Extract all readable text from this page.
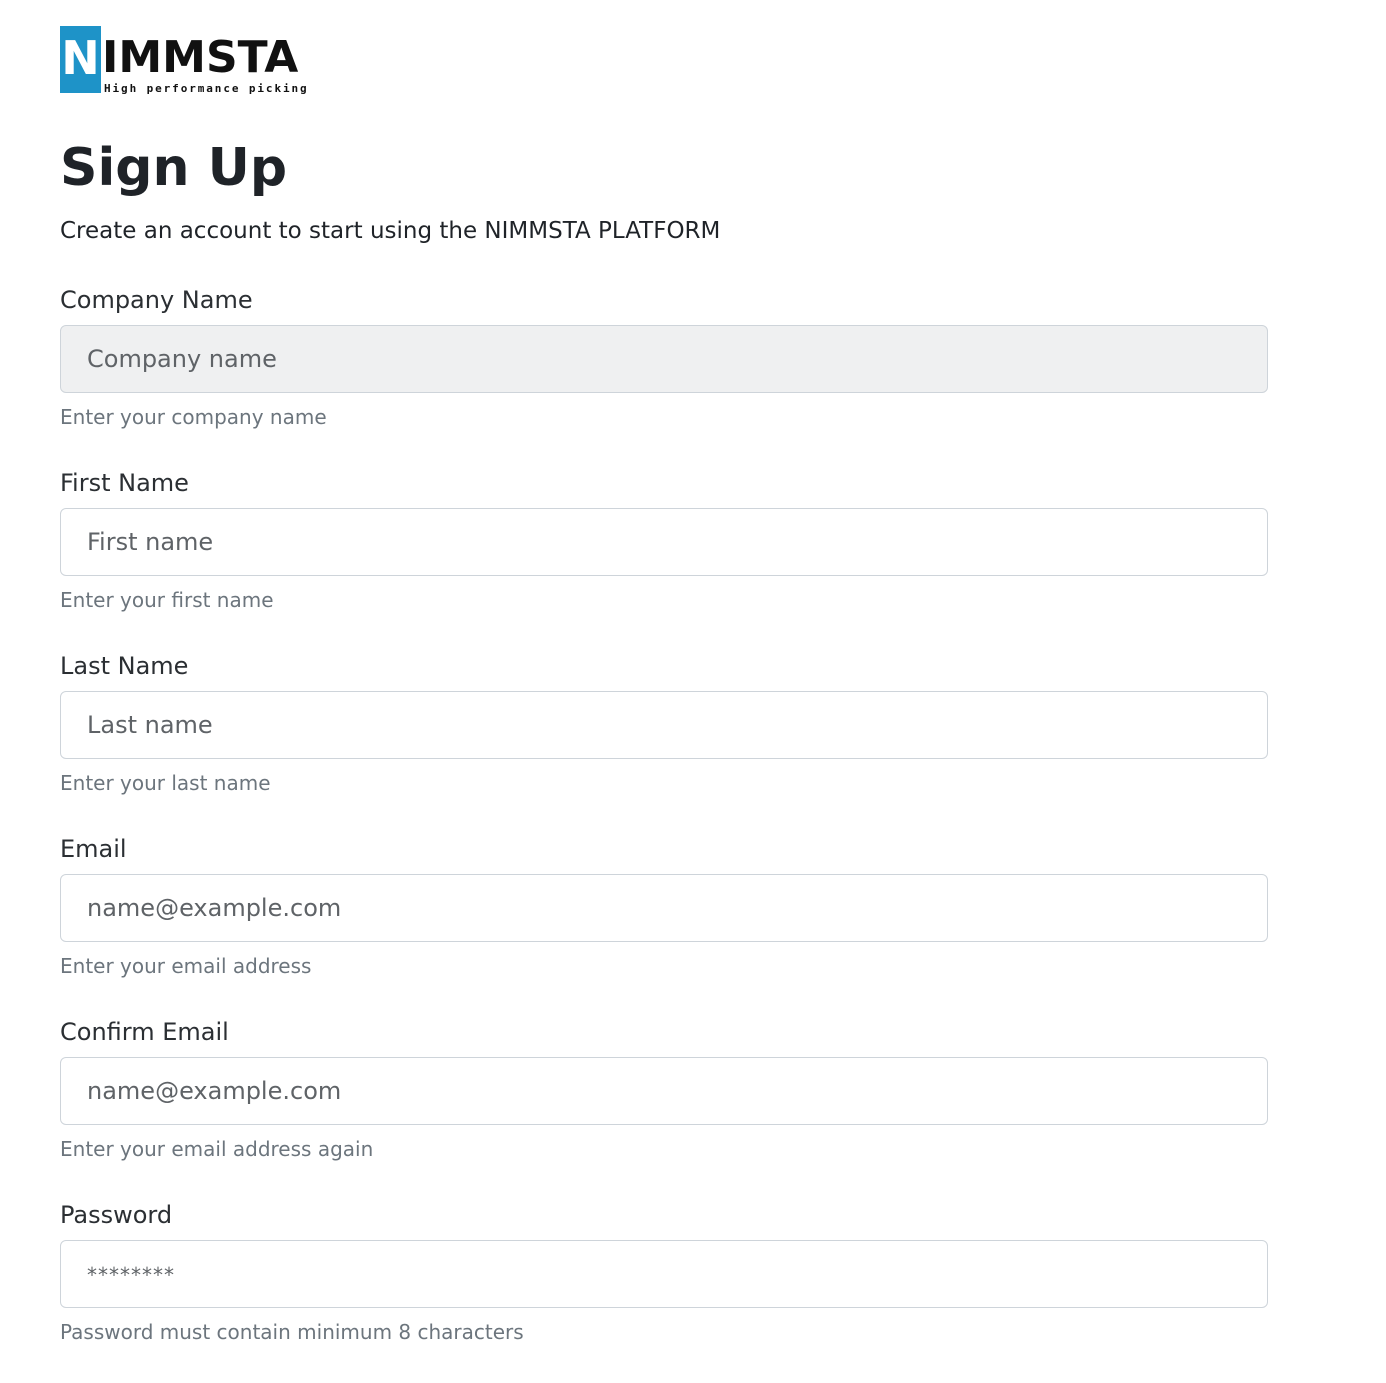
N IMMSTA
High performance picking
Sign Up
Create an account to start using the NIMMSTA PLATFORM
Company Name
Company name
Enter your company name
First Name
First name
Enter your first name
Last Name
Last name
Enter your last name
Email
name@example.com
Enter your email address
Confirm Email
name@example.com
Enter your email address again
Password
Password must contain minimum 8 characters
